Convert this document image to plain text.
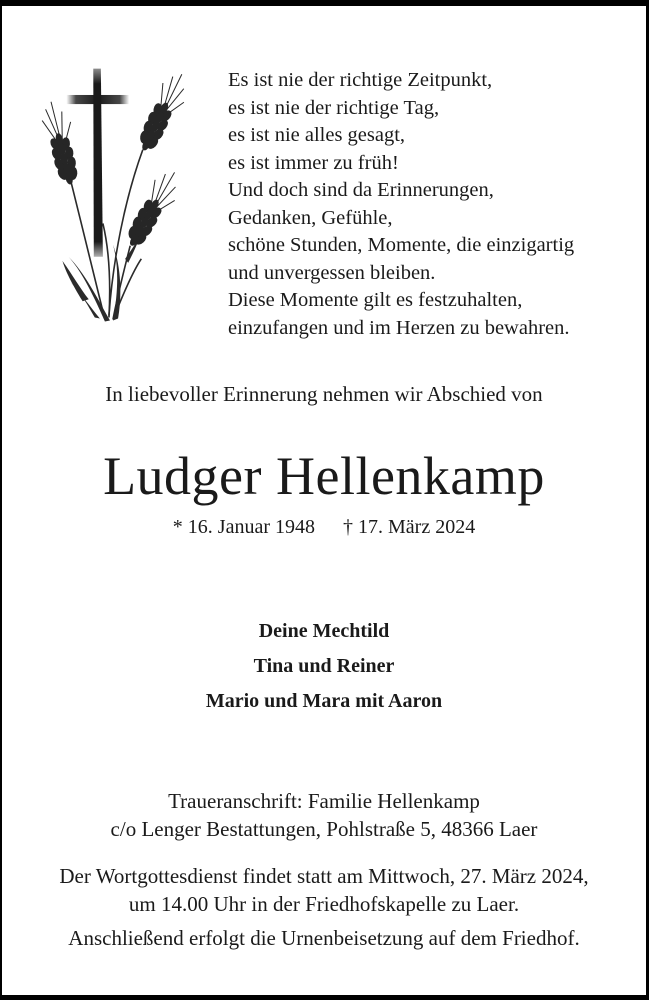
Es ist nie der richtige Zeitpunkt,
es ist nie der richtige Tag,
es ist nie alles gesagt,
es ist immer zu früh!
Und doch sind da Erinnerungen,
Gedanken, Gefühle,
schöne Stunden, Momente, die einzigartig
und unvergessen bleiben.
Diese Momente gilt es festzuhalten,
einzufangen und im Herzen zu bewahren.
In liebevoller Erinnerung nehmen wir Abschied von
Ludger Hellenkamp
* 16. Januar 1948 † 17. März 2024
Deine Mechtild
Tina und Reiner
Mario und Mara mit Aaron
Traueranschrift: Familie Hellenkamp
c/o Lenger Bestattungen, Pohlstraße 5, 48366 Laer
Der Wortgottesdienst findet statt am Mittwoch, 27. März 2024,
um 14.00 Uhr in der Friedhofskapelle zu Laer.
Anschließend erfolgt die Urnenbeisetzung auf dem Friedhof.
